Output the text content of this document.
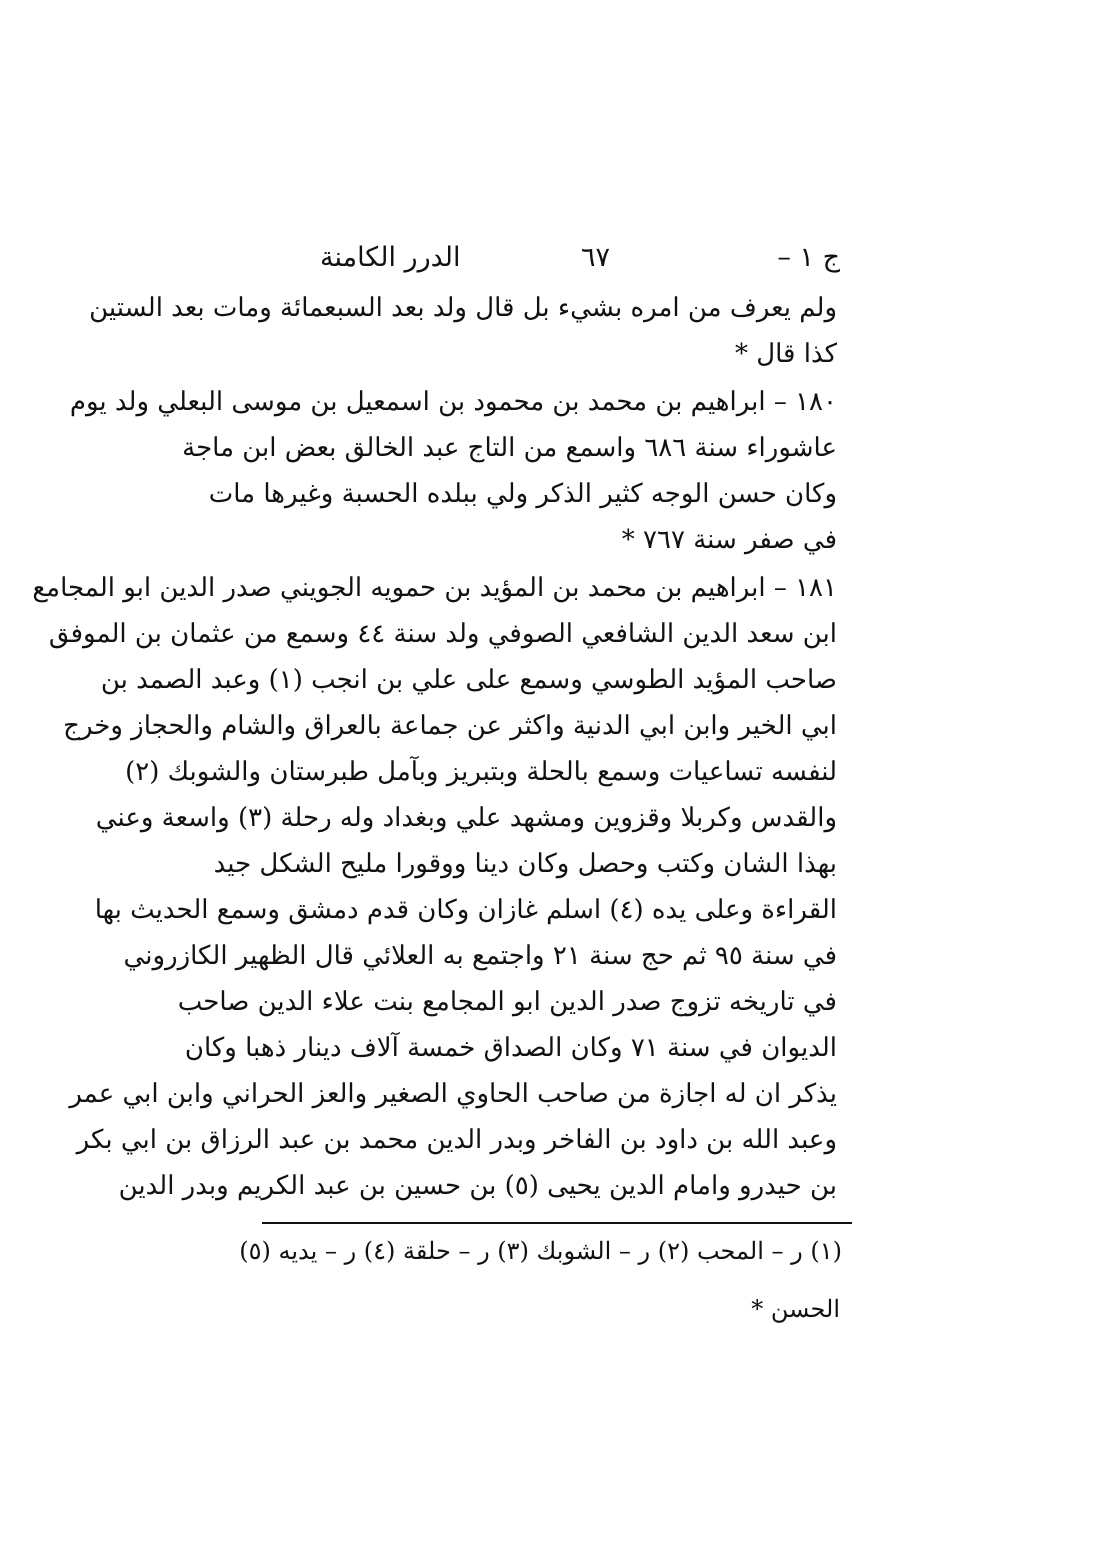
ج ١ –
٦٧
الدرر الكامنة
ولم يعرف من امره بشيء بل قال ولد بعد السبعمائة ومات بعد الستين
كذا قال *
١٨٠ – ابراهيم بن محمد بن محمود بن اسمعيل بن موسى البعلي ولد يوم
عاشوراء سنة ٦٨٦ واسمع من التاج عبد الخالق بعض ابن ماجة
وكان حسن الوجه كثير الذكر ولي ببلده الحسبة وغيرها مات
في صفر سنة ٧٦٧ *
١٨١ – ابراهيم بن محمد بن المؤيد بن حمويه الجويني صدر الدين ابو المجامع
ابن سعد الدين الشافعي الصوفي ولد سنة ٤٤ وسمع من عثمان بن الموفق
صاحب المؤيد الطوسي وسمع على علي بن انجب (١) وعبد الصمد بن
ابي الخير وابن ابي الدنية واكثر عن جماعة بالعراق والشام والحجاز وخرج
لنفسه تساعيات وسمع بالحلة وبتبريز وبآمل طبرستان والشوبك (٢)
والقدس وكربلا وقزوين ومشهد علي وبغداد وله رحلة (٣) واسعة وعني
بهذا الشان وكتب وحصل وكان دينا ووقورا مليح الشكل جيد
القراءة وعلى يده (٤) اسلم غازان وكان قدم دمشق وسمع الحديث بها
في سنة ٩٥ ثم حج سنة ٢١ واجتمع به العلائي قال الظهير الكازروني
في تاريخه تزوج صدر الدين ابو المجامع بنت علاء الدين صاحب
الديوان في سنة ٧١ وكان الصداق خمسة آلاف دينار ذهبا وكان
يذكر ان له اجازة من صاحب الحاوي الصغير والعز الحراني وابن ابي عمر
وعبد الله بن داود بن الفاخر وبدر الدين محمد بن عبد الرزاق بن ابي بكر
بن حيدرو وامام الدين يحيى (٥) بن حسين بن عبد الكريم وبدر الدين
(١) ر – المحب (٢) ر – الشوبك (٣) ر – حلقة (٤) ر – يديه (٥)
الحسن *
